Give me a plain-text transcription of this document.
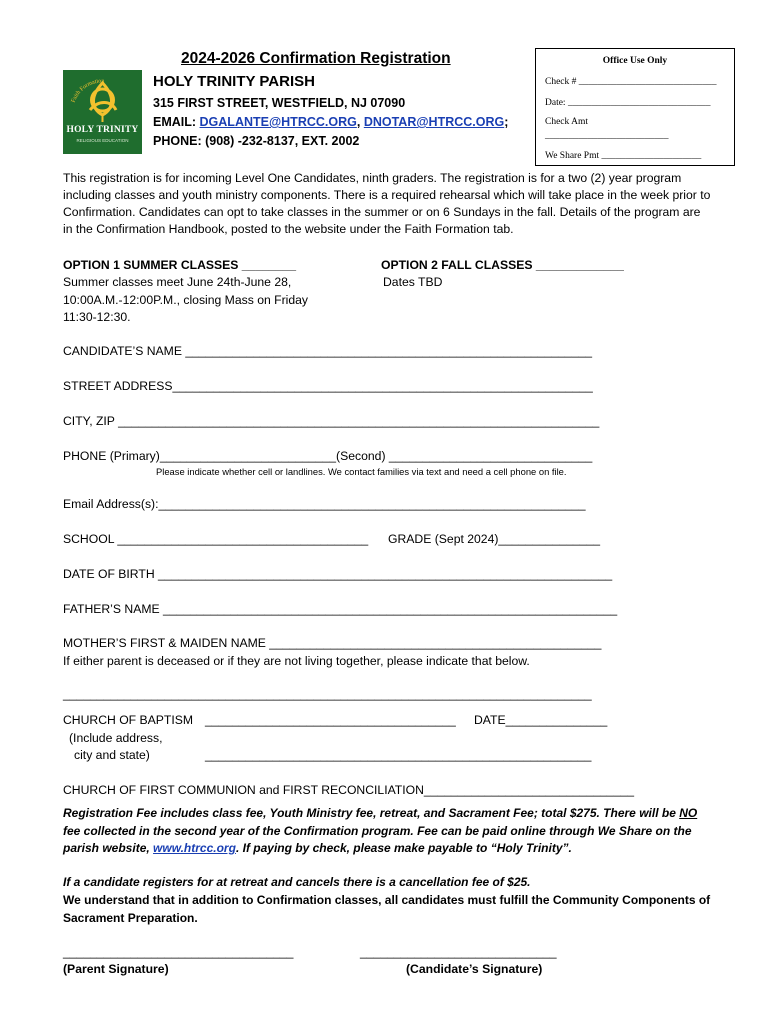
2024-2026 Confirmation Registration
HOLY TRINITY PARISH
315 FIRST STREET, WESTFIELD, NJ 07090
EMAIL: DGALANTE@HTRCC.ORG, DNOTAR@HTRCC.ORG;
PHONE: (908) -232-8137, EXT. 2002
Faith Formation
HOLY TRINITY
RELIGIOUS EDUCATION
Office Use Only
Check # _____________________________
Date: ______________________________
Check Amt
__________________________
We Share Pmt _____________________
This registration is for incoming Level One Candidates, ninth graders. The registration is for a two (2) year program including classes and youth ministry components. There is a required rehearsal which will take place in the week prior to Confirmation. Candidates can opt to take classes in the summer or on 6 Sundays in the fall. Details of the program are in the Confirmation Handbook, posted to the website under the Faith Formation tab.
OPTION 1 SUMMER CLASSES ________
Summer classes meet June 24th-June 28,
10:00A.M.-12:00P.M., closing Mass on Friday
11:30-12:30.
OPTION 2 FALL CLASSES _____________
Dates TBD
CANDIDATE’S NAME ____________________________________________________________
STREET ADDRESS______________________________________________________________
CITY, ZIP _______________________________________________________________________
PHONE (Primary)__________________________(Second) ______________________________
Please indicate whether cell or landlines. We contact families via text and need a cell phone on file.
Email Address(s):_______________________________________________________________
SCHOOL _____________________________________ GRADE (Sept 2024)_______________
DATE OF BIRTH ___________________________________________________________________
FATHER’S NAME ___________________________________________________________________
MOTHER’S FIRST & MAIDEN NAME _________________________________________________
If either parent is deceased or if they are not living together, please indicate that below.
______________________________________________________________________________
CHURCH OF BAPTISM
(Include address,
city and state)
_____________________________________ DATE_______________
_________________________________________________________
CHURCH OF FIRST COMMUNION and FIRST RECONCILIATION_______________________________
Registration Fee includes class fee, Youth Ministry fee, retreat, and Sacrament Fee; total $275. There will be NO
fee collected in the second year of the Confirmation program. Fee can be paid online through We Share on the
parish website, www.htrcc.org. If paying by check, please make payable to “Holy Trinity”.
If a candidate registers for at retreat and cancels there is a cancellation fee of $25.
We understand that in addition to Confirmation classes, all candidates must fulfill the Community Components of Sacrament Preparation.
__________________________________	_____________________________
(Parent Signature)	(Candidate’s Signature)
